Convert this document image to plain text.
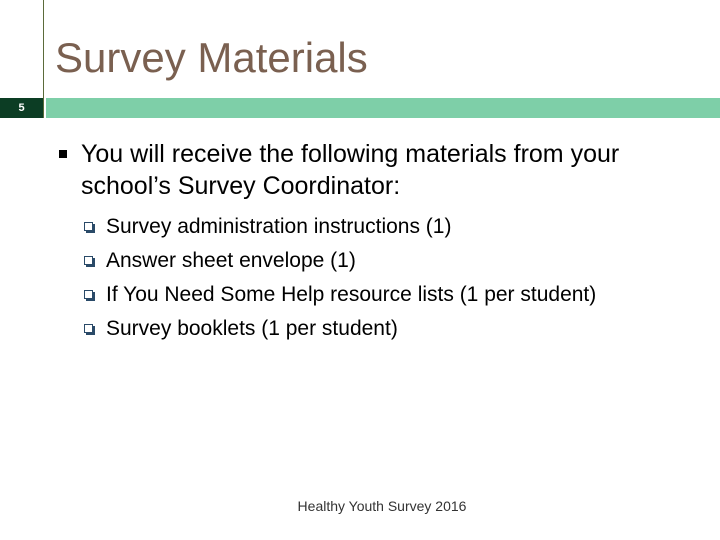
Survey Materials
5
You will receive the following materials from your school’s Survey Coordinator:
Survey administration instructions (1)
Answer sheet envelope (1)
If You Need Some Help resource lists (1 per student)
Survey booklets (1 per student)
Healthy Youth Survey 2016
